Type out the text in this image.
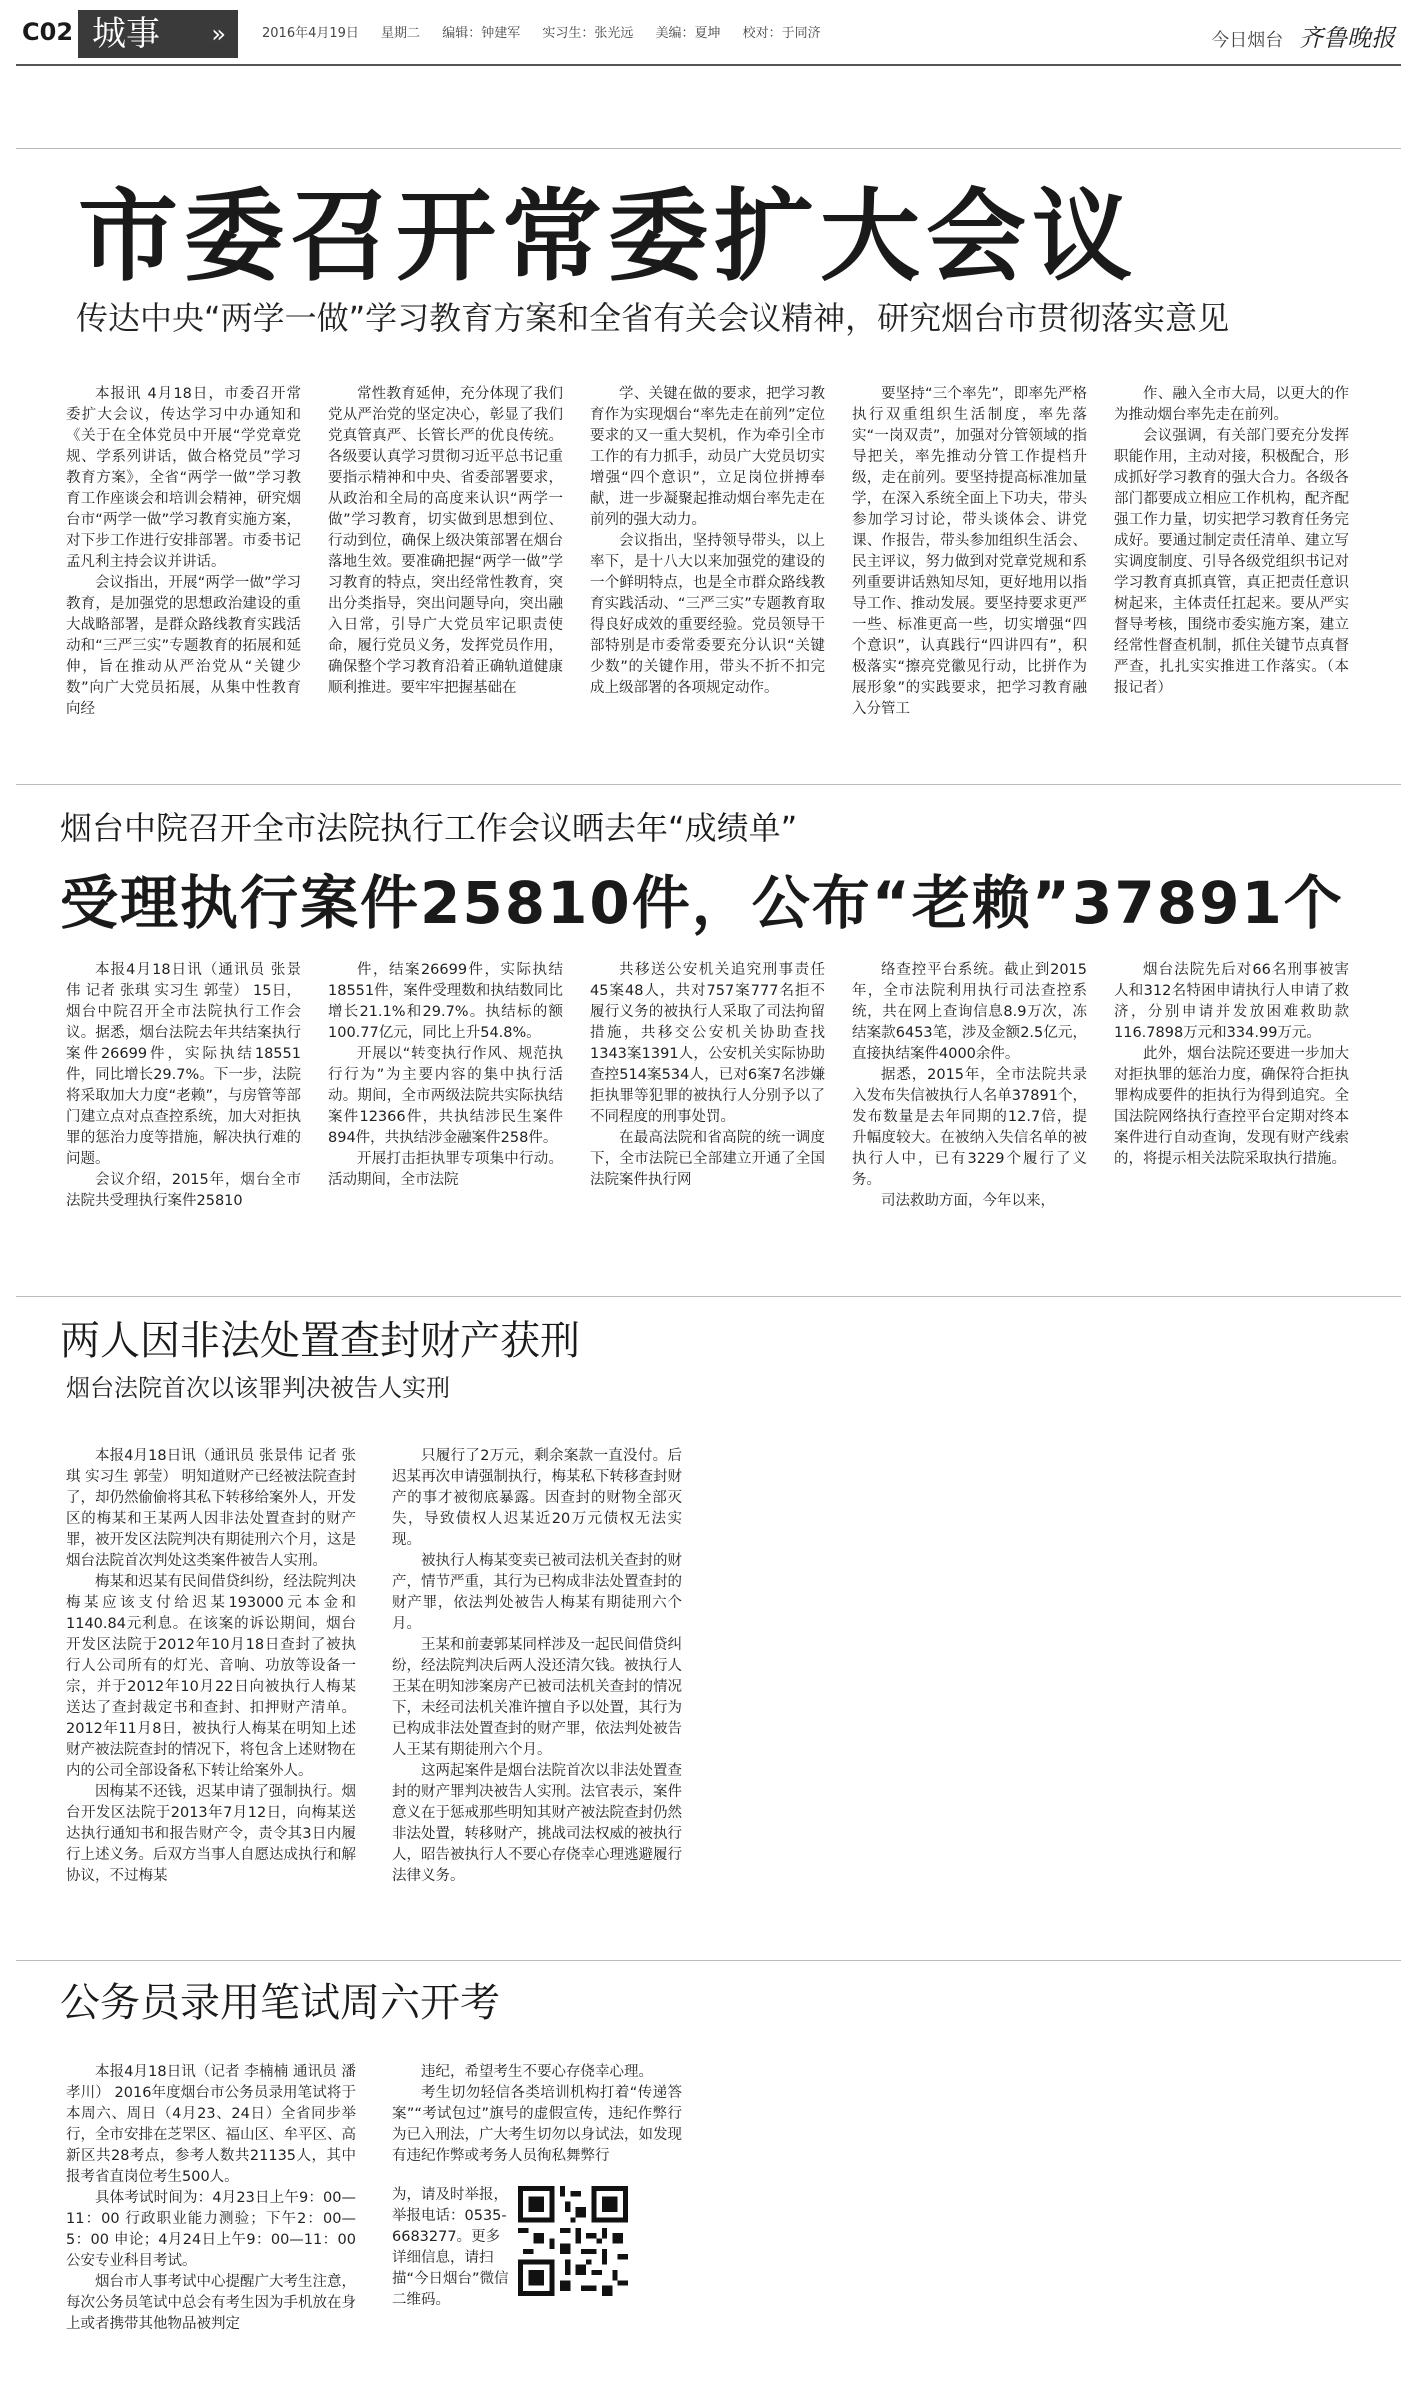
C02 城事 »	2016年4月19日 星期二 编辑：钟建军 实习生：张光远 美编：夏坤 校对：于同济	今日烟台 齐鲁晚报
市委召开常委扩大会议
传达中央“两学一做”学习教育方案和全省有关会议精神，研究烟台市贯彻落实意见

本报讯 4月18日，市委召开常委扩大会议，传达学习中办通知和《关于在全体党员中开展“学党章党规、学系列讲话，做合格党员”学习教育方案》，全省“两学一做”学习教育工作座谈会和培训会精神，研究烟台市“两学一做”学习教育实施方案，对下步工作进行安排部署。市委书记孟凡利主持会议并讲话。

会议指出，开展“两学一做”学习教育，是加强党的思想政治建设的重大战略部署，是群众路线教育实践活动和“三严三实”专题教育的拓展和延伸，旨在推动从严治党从“关键少数”向广大党员拓展，从集中性教育向经

常性教育延伸，充分体现了我们党从严治党的坚定决心，彰显了我们党真管真严、长管长严的优良传统。各级要认真学习贯彻习近平总书记重要指示精神和中央、省委部署要求，从政治和全局的高度来认识“两学一做”学习教育，切实做到思想到位、行动到位，确保上级决策部署在烟台落地生效。要准确把握“两学一做”学习教育的特点，突出经常性教育，突出分类指导，突出问题导向，突出融入日常，引导广大党员牢记职责使命，履行党员义务，发挥党员作用，确保整个学习教育沿着正确轨道健康顺利推进。要牢牢把握基础在

学、关键在做的要求，把学习教育作为实现烟台“率先走在前列”定位要求的又一重大契机，作为牵引全市工作的有力抓手，动员广大党员切实增强“四个意识”，立足岗位拼搏奉献，进一步凝聚起推动烟台率先走在前列的强大动力。

会议指出，坚持领导带头，以上率下，是十八大以来加强党的建设的一个鲜明特点，也是全市群众路线教育实践活动、“三严三实”专题教育取得良好成效的重要经验。党员领导干部特别是市委常委要充分认识“关键少数”的关键作用，带头不折不扣完成上级部署的各项规定动作。

要坚持“三个率先”，即率先严格执行双重组织生活制度，率先落实“一岗双责”，加强对分管领域的指导把关，率先推动分管工作提档升级，走在前列。要坚持提高标准加量学，在深入系统全面上下功夫，带头参加学习讨论，带头谈体会、讲党课、作报告，带头参加组织生活会、民主评议，努力做到对党章党规和系列重要讲话熟知尽知，更好地用以指导工作、推动发展。要坚持要求更严一些、标准更高一些，切实增强“四个意识”，认真践行“四讲四有”，积极落实“擦亮党徽见行动，比拼作为展形象”的实践要求，把学习教育融入分管工

作、融入全市大局，以更大的作为推动烟台率先走在前列。

会议强调，有关部门要充分发挥职能作用，主动对接，积极配合，形成抓好学习教育的强大合力。各级各部门都要成立相应工作机构，配齐配强工作力量，切实把学习教育任务完成好。要通过制定责任清单、建立写实调度制度、引导各级党组织书记对学习教育真抓真管，真正把责任意识树起来，主体责任扛起来。要从严实督导考核，围绕市委实施方案，建立经常性督查机制，抓住关键节点真督严查，扎扎实实推进工作落实。（本报记者）

烟台中院召开全市法院执行工作会议晒去年“成绩单”
受理执行案件25810件，公布“老赖”37891个

本报4月18日讯（通讯员 张景伟 记者 张琪 实习生 郭莹） 15日，烟台中院召开全市法院执行工作会议。据悉，烟台法院去年共结案执行案件26699件，实际执结18551件，同比增长29.7%。下一步，法院将采取加大力度“老赖”，与房管等部门建立点对点查控系统，加大对拒执罪的惩治力度等措施，解决执行难的问题。

会议介绍，2015年，烟台全市法院共受理执行案件25810

件，结案26699件，实际执结18551件，案件受理数和执结数同比增长21.1%和29.7%。执结标的额100.77亿元，同比上升54.8%。

开展以“转变执行作风、规范执行行为”为主要内容的集中执行活动。期间，全市两级法院共实际执结案件12366件，共执结涉民生案件894件，共执结涉金融案件258件。

开展打击拒执罪专项集中行动。活动期间，全市法院

共移送公安机关追究刑事责任45案48人，共对757案777名拒不履行义务的被执行人采取了司法拘留措施，共移交公安机关协助查找1343案1391人，公安机关实际协助查控514案534人，已对6案7名涉嫌拒执罪等犯罪的被执行人分别予以了不同程度的刑事处罚。

在最高法院和省高院的统一调度下，全市法院已全部建立开通了全国法院案件执行网

络查控平台系统。截止到2015年，全市法院利用执行司法查控系统，共在网上查询信息8.9万次，冻结案款6453笔，涉及金额2.5亿元，直接执结案件4000余件。

据悉，2015年，全市法院共录入发布失信被执行人名单37891个，发布数量是去年同期的12.7倍，提升幅度较大。在被纳入失信名单的被执行人中，已有3229个履行了义务。

司法救助方面，今年以来，

烟台法院先后对66名刑事被害人和312名特困申请执行人申请了救济，分别申请并发放困难救助款116.7898万元和334.99万元。

此外，烟台法院还要进一步加大对拒执罪的惩治力度，确保符合拒执罪构成要件的拒执行为得到追究。全国法院网络执行查控平台定期对终本案件进行自动查询，发现有财产线索的，将提示相关法院采取执行措施。

两人因非法处置查封财产获刑
烟台法院首次以该罪判决被告人实刑

本报4月18日讯（通讯员 张景伟 记者 张琪 实习生 郭莹） 明知道财产已经被法院查封了，却仍然偷偷将其私下转移给案外人，开发区的梅某和王某两人因非法处置查封的财产罪，被开发区法院判决有期徒刑六个月，这是烟台法院首次判处这类案件被告人实刑。

梅某和迟某有民间借贷纠纷，经法院判决梅某应该支付给迟某193000元本金和1140.84元利息。在该案的诉讼期间，烟台开发区法院于2012年10月18日查封了被执行人公司所有的灯光、音响、功放等设备一宗，并于2012年10月22日向被执行人梅某送达了查封裁定书和查封、扣押财产清单。2012年11月8日，被执行人梅某在明知上述财产被法院查封的情况下，将包含上述财物在内的公司全部设备私下转让给案外人。

因梅某不还钱，迟某申请了强制执行。烟台开发区法院于2013年7月12日，向梅某送达执行通知书和报告财产令，责令其3日内履行上述义务。后双方当事人自愿达成执行和解协议，不过梅某

只履行了2万元，剩余案款一直没付。后迟某再次申请强制执行，梅某私下转移查封财产的事才被彻底暴露。因查封的财物全部灭失，导致债权人迟某近20万元债权无法实现。

被执行人梅某变卖已被司法机关查封的财产，情节严重，其行为已构成非法处置查封的财产罪，依法判处被告人梅某有期徒刑六个月。

王某和前妻郭某同样涉及一起民间借贷纠纷，经法院判决后两人没还清欠钱。被执行人王某在明知涉案房产已被司法机关查封的情况下，未经司法机关准许擅自予以处置，其行为已构成非法处置查封的财产罪，依法判处被告人王某有期徒刑六个月。

这两起案件是烟台法院首次以非法处置查封的财产罪判决被告人实刑。法官表示，案件意义在于惩戒那些明知其财产被法院查封仍然非法处置，转移财产，挑战司法权威的被执行人，昭告被执行人不要心存侥幸心理逃避履行法律义务。

公务员录用笔试周六开考

本报4月18日讯（记者 李楠楠 通讯员 潘孝川） 2016年度烟台市公务员录用笔试将于本周六、周日（4月23、24日）全省同步举行，全市安排在芝罘区、福山区、牟平区、高新区共28考点，参考人数共21135人，其中报考省直岗位考生500人。

具体考试时间为：4月23日上午9：00—11：00 行政职业能力测验；下午2：00—5：00 申论；4月24日上午9：00—11：00公安专业科目考试。

烟台市人事考试中心提醒广大考生注意，每次公务员笔试中总会有考生因为手机放在身上或者携带其他物品被判定

违纪，希望考生不要心存侥幸心理。

考生切勿轻信各类培训机构打着“传递答案”“考试包过”旗号的虚假宣传，违纪作弊行为已入刑法，广大考生切勿以身试法，如发现有违纪作弊或考务人员徇私舞弊行

为，请及时举报，举报电话：0535-6683277。更多详细信息，请扫描“今日烟台”微信二维码。
